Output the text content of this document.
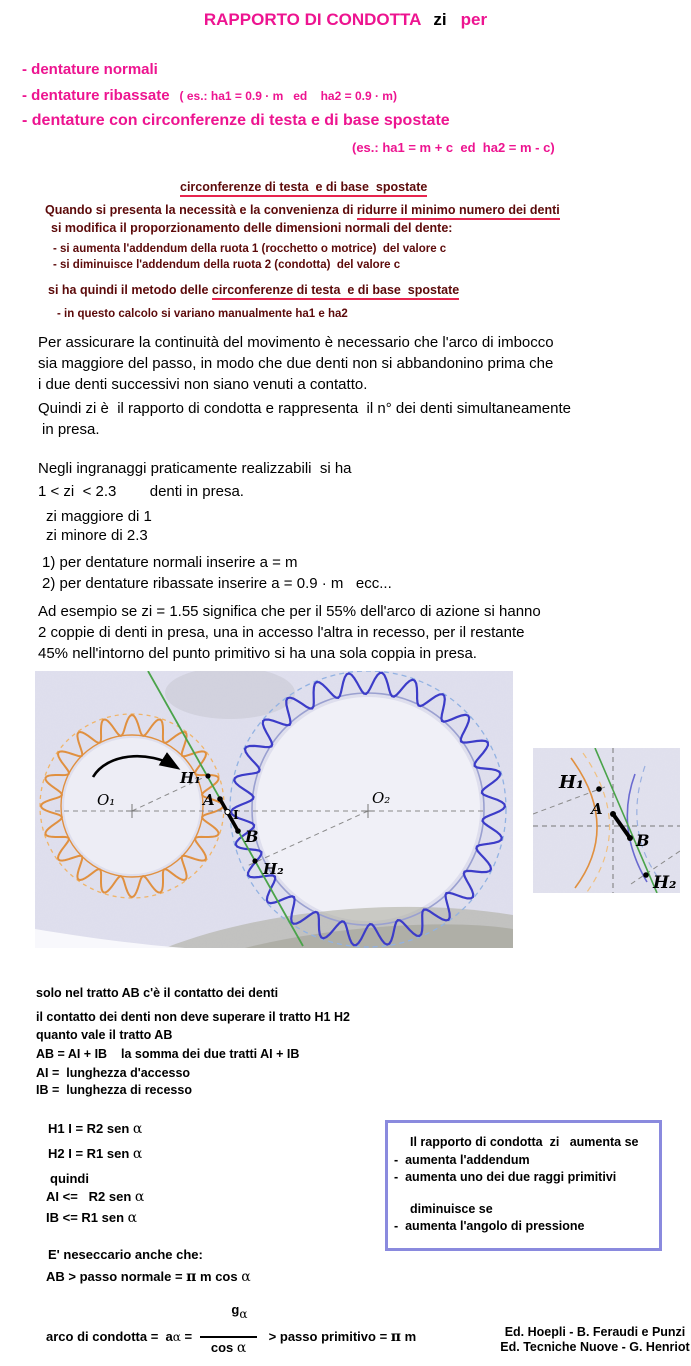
RAPPORTO DI CONDOTTA zi per
- dentature normali
- dentature ribassate ( es.: ha1 = 0.9 · m   ed    ha2 = 0.9 · m)
- dentature con circonferenze di testa e di base spostate
(es.: ha1 = m + c  ed  ha2 = m - c)
circonferenze di testa  e di base  spostate
Quando si presenta la necessità e la convenienza di ridurre il minimo numero dei denti
si modifica il proporzionamento delle dimensioni normali del dente:
- si aumenta l'addendum della ruota 1 (rocchetto o motrice)  del valore c
- si diminuisce l'addendum della ruota 2 (condotta)  del valore c
si ha quindi il metodo delle circonferenze di testa  e di base  spostate
- in questo calcolo si variano manualmente ha1 e ha2
Per assicurare la continuità del movimento è necessario che l'arco di imbocco
sia maggiore del passo, in modo che due denti non si abbandonino prima che
i due denti successivi non siano venuti a contatto.
Quindi zi è  il rapporto di condotta e rappresenta  il n° dei denti simultaneamente
in presa.
Negli ingranaggi praticamente realizzabili  si ha
1 < zi  < 2.3        denti in presa.
zi maggiore di 1
zi minore di 2.3
1) per dentature normali inserire a = m
2) per dentature ribassate inserire a = 0.9 · m   ecc...
Ad esempio se zi = 1.55 significa che per il 55% dell'arco di azione si hanno
2 coppie di denti in presa, una in accesso l'altra in recesso, per il restante
45% nell'intorno del punto primitivo si ha una sola coppia in presa.
H₁
O₁	O₂
A
I
B
H₂
H₁
A
B
H₂
solo nel tratto AB c'è il contatto dei denti
il contatto dei denti non deve superare il tratto H1 H2
quanto vale il tratto AB
AB = AI + IB    la somma dei due tratti AI + IB
AI =  lunghezza d'accesso
IB =  lunghezza di recesso
H1 I = R2 sen α
H2 I = R1 sen α
quindi
AI <=   R2 sen α
IB <= R1 sen α
Il rapporto di condotta  zi   aumenta se
-  aumenta l'addendum
-  aumenta uno dei due raggi primitivi
diminuisce se
-  aumenta l'angolo di pressione
E' neseccario anche che:
AB > passo normale = π m cos α
arco di condotta = a $\alpha = \frac{g\alpha}{\text{cos α}}$

> passo primitivo = π m	Ed. Hoepli - B. Feraudi e Punzi
Ed. Tecniche Nuove - G. Henriot
